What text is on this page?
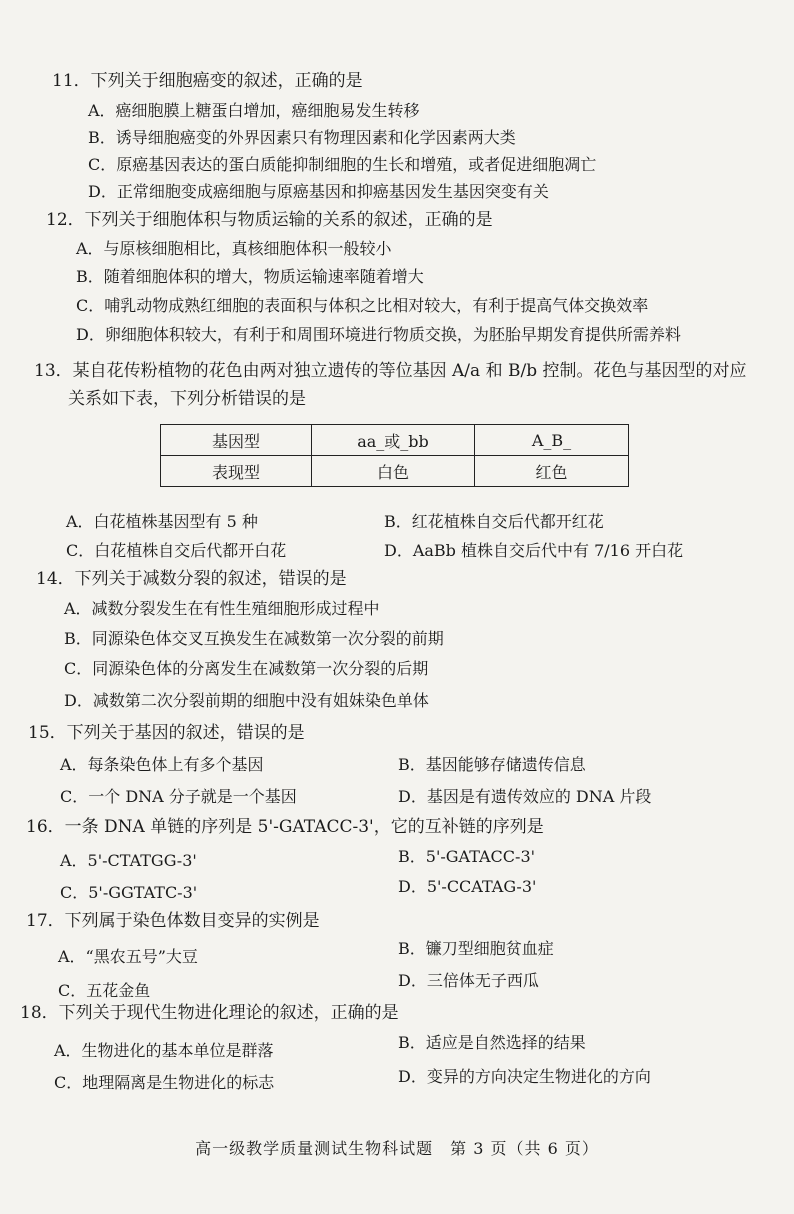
11．下列关于细胞癌变的叙述，正确的是
A．癌细胞膜上糖蛋白增加，癌细胞易发生转移
B．诱导细胞癌变的外界因素只有物理因素和化学因素两大类
C．原癌基因表达的蛋白质能抑制细胞的生长和增殖，或者促进细胞凋亡
D．正常细胞变成癌细胞与原癌基因和抑癌基因发生基因突变有关
12．下列关于细胞体积与物质运输的关系的叙述，正确的是
A．与原核细胞相比，真核细胞体积一般较小
B．随着细胞体积的增大，物质运输速率随着增大
C．哺乳动物成熟红细胞的表面积与体积之比相对较大，有利于提高气体交换效率
D．卵细胞体积较大，有利于和周围环境进行物质交换，为胚胎早期发育提供所需养料
13．某自花传粉植物的花色由两对独立遗传的等位基因 A/a 和 B/b 控制。花色与基因型的对应
关系如下表，下列分析错误的是
基因型	aa_或_bb	A_B_
表现型	白色	红色
A．白花植株基因型有 5 种	B．红花植株自交后代都开红花
C．白花植株自交后代都开白花	D．AaBb 植株自交后代中有 7/16 开白花
14．下列关于减数分裂的叙述，错误的是
A．减数分裂发生在有性生殖细胞形成过程中
B．同源染色体交叉互换发生在减数第一次分裂的前期
C．同源染色体的分离发生在减数第一次分裂的后期
D．减数第二次分裂前期的细胞中没有姐妹染色单体
15．下列关于基因的叙述，错误的是
A．每条染色体上有多个基因	B．基因能够存储遗传信息
C．一个 DNA 分子就是一个基因	D．基因是有遗传效应的 DNA 片段
16．一条 DNA 单链的序列是 5'-GATACC-3'，它的互补链的序列是
A．5'-CTATGG-3'	B．5'-GATACC-3'
C．5'-GGTATC-3'	D．5'-CCATAG-3'
17．下列属于染色体数目变异的实例是
A．“黑农五号”大豆	B．镰刀型细胞贫血症
C．五花金鱼
D．三倍体无子西瓜
18．下列关于现代生物进化理论的叙述，正确的是
A．生物进化的基本单位是群落	B．适应是自然选择的结果
C．地理隔离是生物进化的标志	D．变异的方向决定生物进化的方向
高一级教学质量测试生物科试题　第 3 页（共 6 页）
